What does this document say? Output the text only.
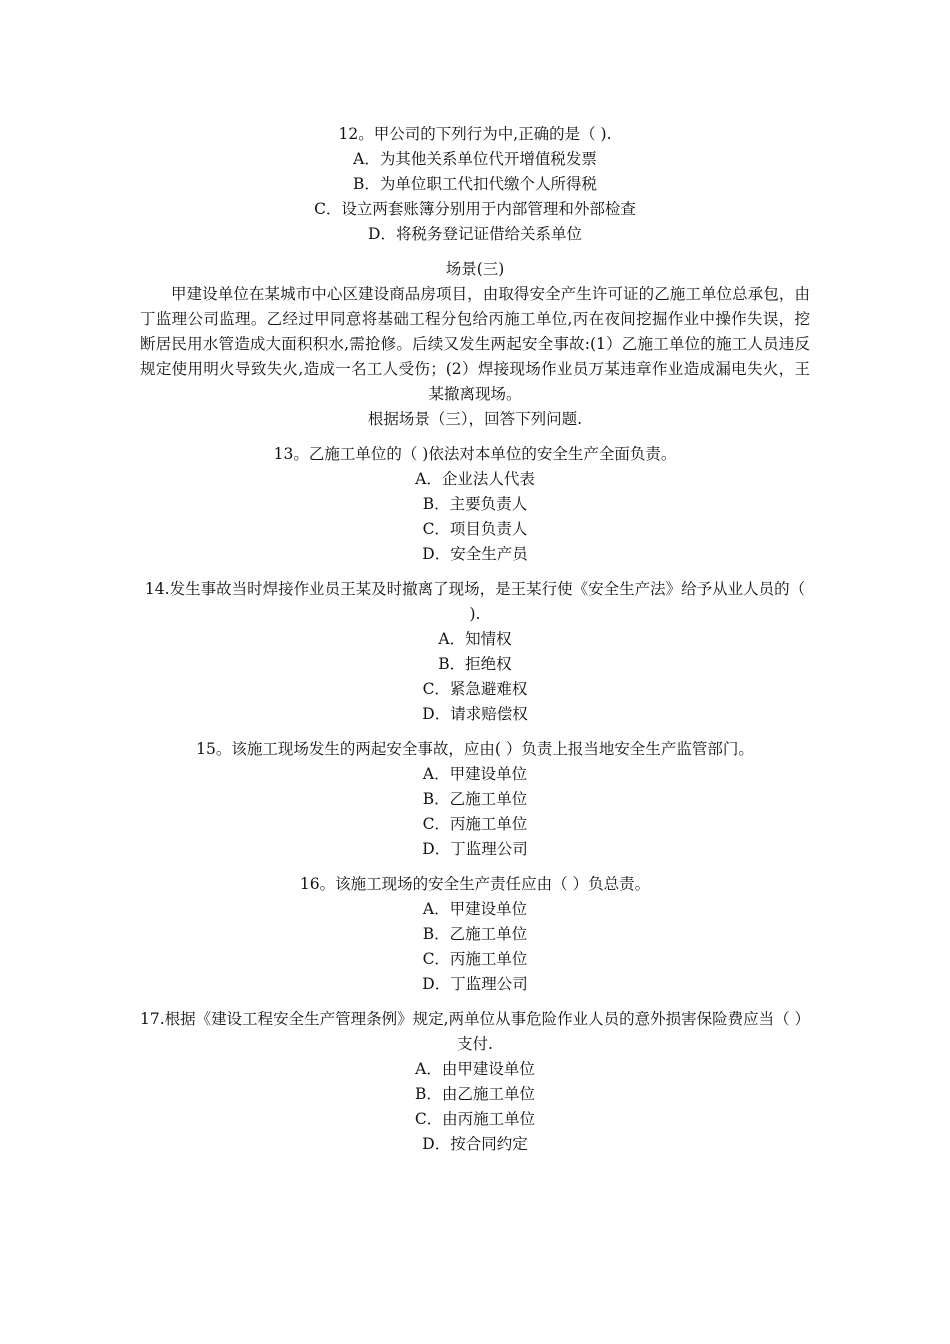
12。甲公司的下列行为中,正确的是（ ).

A．为其他关系单位代开增值税发票

B．为单位职工代扣代缴个人所得税

C．设立两套账簿分别用于内部管理和外部检查

D．将税务登记证借给关系单位

场景(三)

甲建设单位在某城市中心区建设商品房项目，由取得安全产生许可证的乙施工单位总承包，由丁监理公司监理。乙经过甲同意将基础工程分包给丙施工单位,丙在夜间挖掘作业中操作失误，挖断居民用水管造成大面积积水,需抢修。后续又发生两起安全事故:(1）乙施工单位的施工人员违反规定使用明火导致失火,造成一名工人受伤；(2）焊接现场作业员万某违章作业造成漏电失火，王某撤离现场。

根据场景（三），回答下列问题.

13。乙施工单位的（ )依法对本单位的安全生产全面负责。

A．企业法人代表

B．主要负责人

C．项目负责人

D．安全生产员

14.发生事故当时焊接作业员王某及时撤离了现场，是王某行使《安全生产法》给予从业人员的（ ).

A．知情权

B．拒绝权

C．紧急避难权

D．请求赔偿权

15。该施工现场发生的两起安全事故，应由( ）负责上报当地安全生产监管部门。

A．甲建设单位

B．乙施工单位

C．丙施工单位

D．丁监理公司

16。该施工现场的安全生产责任应由（ ）负总责。

A．甲建设单位

B．乙施工单位

C．丙施工单位

D．丁监理公司

17.根据《建设工程安全生产管理条例》规定,两单位从事危险作业人员的意外损害保险费应当（ ）支付.

A．由甲建设单位

B．由乙施工单位

C．由丙施工单位

D．按合同约定
